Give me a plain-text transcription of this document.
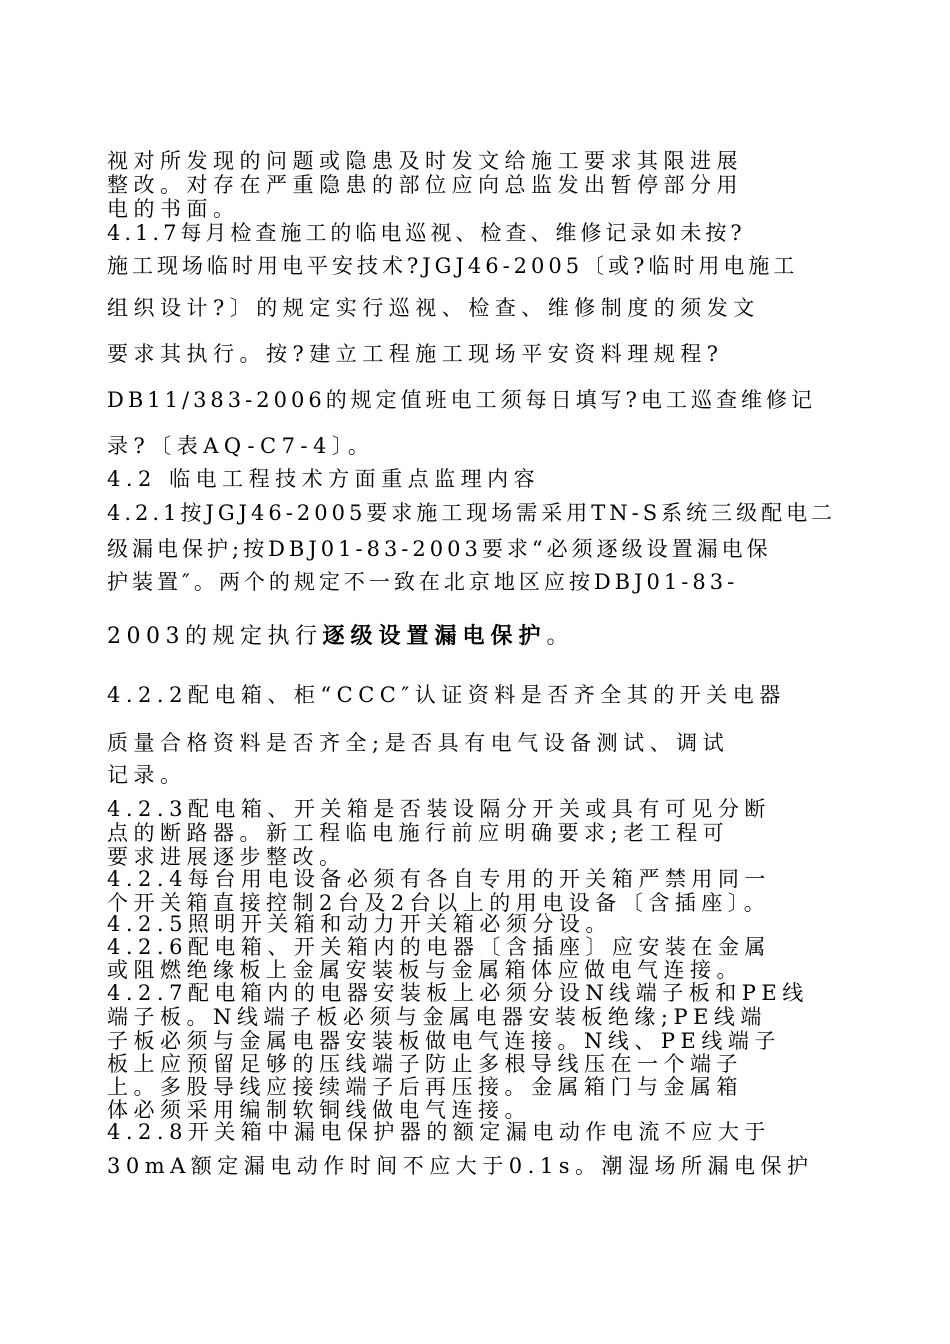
视对所发现的问题或隐患及时发文给施工要求其限进展
整改。对存在严重隐患的部位应向总监发出暂停部分用
电的书面。
4.1.7每月检查施工的临电巡视、检查、维修记录如未按?
施工现场临时用电平安技术?JGJ46-2005〔或?临时用电施工
组织设计?〕的规定实行巡视、检查、维修制度的须发文
要求其执行。按?建立工程施工现场平安资料理规程?
DB11/383-2006的规定值班电工须每日填写?电工巡查维修记
录?〔表AQ-C7-4〕。
4.2 临电工程技术方面重点监理内容
4.2.1按JGJ46-2005要求施工现场需采用TN-S系统三级配电二
级漏电保护;按DBJ01-83-2003要求“必须逐级设置漏电保
护装置″。两个的规定不一致在北京地区应按DBJ01-83-
2003的规定执行逐级设置漏电保护。
4.2.2配电箱、柜“CCC″认证资料是否齐全其的开关电器
质量合格资料是否齐全;是否具有电气设备测试、调试
记录。
4.2.3配电箱、开关箱是否装设隔分开关或具有可见分断
点的断路器。新工程临电施行前应明确要求;老工程可
要求进展逐步整改。
4.2.4每台用电设备必须有各自专用的开关箱严禁用同一
个开关箱直接控制2台及2台以上的用电设备〔含插座〕。
4.2.5照明开关箱和动力开关箱必须分设。
4.2.6配电箱、开关箱内的电器〔含插座〕应安装在金属
或阻燃绝缘板上金属安装板与金属箱体应做电气连接。
4.2.7配电箱内的电器安装板上必须分设N线端子板和PE线
端子板。N线端子板必须与金属电器安装板绝缘;PE线端
子板必须与金属电器安装板做电气连接。N线、PE线端子
板上应预留足够的压线端子防止多根导线压在一个端子
上。多股导线应接续端子后再压接。金属箱门与金属箱
体必须采用编制软铜线做电气连接。
4.2.8开关箱中漏电保护器的额定漏电动作电流不应大于
30mA额定漏电动作时间不应大于0.1s。潮湿场所漏电保护
